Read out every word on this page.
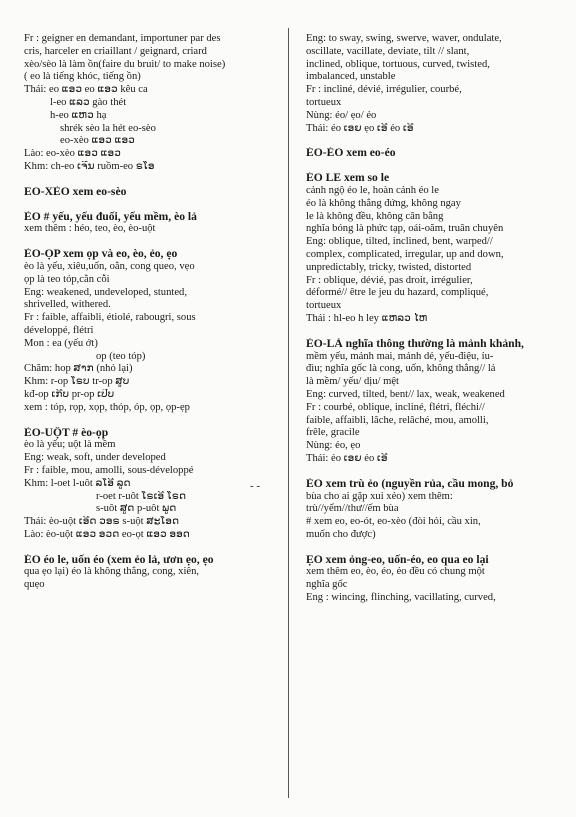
- -
Fr : geigner en demandant, importuner par des
cris, harceler en criaillant / geignard, criard
xèo/sèo là làm ồn(faire du bruit/ to make noise)
( eo là tiếng khóc, tiếng ồn)
Thái: eo ແອວ eo ແອວ kêu ca
l-eo ແລວ gào thét
h-eo ແຫວ hạ
shrék sèo la hét eo-sèo
eo-xèo ແອວ ແອວ
Lào: eo-xèo ແອວ ແອວ
Khm: ch-eo ເຈີນ ruồm-eo ຣໂອ
EO-XÈO xem eo-sèo
ÈO # yếu, yếu đuối, yếu mềm, èo lả
xem thêm : héo, teo, èo, èo-uột
ÈO-ỌP xem ọp và eo, èo, ẻo, ẹo
èo là yếu, xiêu,uốn, oằn, cong queo, vẹo
ọp là teo tóp,cằn cỗi
Eng: weakened, undeveloped, stunted,
shrivelled, withered.
Fr : faible, affaibli, étiolé, rabougri, sous
développé, flétri
Mon : ea (yếu ớt)
op (teo tóp)
Chăm: hop ສາກ (nhỏ lại)
Khm: r-op ໂຣບ tr-op ສູບ
kđ-op ເກີບ pr-op ເປີບ
xem : tóp, rọp, xọp, thóp, óp, ọp, ọp-ẹp
ÈO-UỘT # èo-ọp
èo là yếu; uột là mềm
Eng: weak, soft, under developed
Fr : faible, mou, amolli, sous-développé
Khm: l-oet l-uôt ລໂອີ ລູດ
r-oet r-uôt ໂຣເອີ ໂຣດ
s-uôt ສູດ p-uôt ພູດ
Thái: èo-uột ເອີດ ວອຣ s-uột ສະໂອດ
Lào: èo-uột ແອວ ອວດ eo-ọt ແອວ ອອດ
ÉO éo le, uốn éo (xem ẻo lả, ươn ẹo, ẹo
qua ẹo lại) éo là không thẳng, cong, xiên,
quẹo
Eng: to sway, swing, swerve, waver, ondulate,
oscillate, vacillate, deviate, tilt // slant,
inclined, oblique, tortuous, curved, twisted,
imbalanced, unstable
Fr : incliné, dévié, irrégulier, courbé,
tortueux
Nùng: éo/ ẹo/ ẻo
Thái: éo ເອຍ ẹo ເອີ ẻo ເອີ
ÉO-ÉO xem eo-éo
ÉO LE xem so le
cảnh ngộ éo le, hoàn cảnh éo le
éo là không thẳng đứng, không ngay
le là không đều, không cân bằng
nghĩa bóng là phức tạp, oái-oăm, truân chuyên
Eng: oblique, tilted, inclined, bent, warped//
complex, complicated, irregular, up and down,
unpredictably, tricky, twisted, distorted
Fr : oblique, dévié, pas droit, irrégulier,
déformé// être le jeu du hazard, compliqué,
tortueux
Thái : hl-eo h ley ແຫລວ ໄຫ
ẺO-LẢ nghĩa thông thường là mảnh khảnh,
mềm yếu, mảnh mai, mảnh dẻ, yếu-điệu, ỉu-
đìu; nghĩa gốc là cong, uốn, không thẳng// lả
là mềm/ yếu/ dịu/ mệt
Eng: curved, tilted, bent// lax, weak, weakened
Fr : courbé, oblique, incliné, flétri, fléchi//
faible, affaibli, lâche, relâché, mou, amolli,
frêle, gracile
Nùng: ẻo, ẹo
Thái: ẻo ເອຍ ẻo ເອີ
ẺO xem trù ẻo (nguyền rủa, cầu mong, bỏ
bùa cho ai gặp xui xẻo) xem thêm:
trù//yểm//thư//ếm bùa
# xem eo, eo-ót, eo-xèo (đòi hỏi, cầu xin,
muốn cho được)
ẸO xem ỏng-eo, uốn-éo, eo qua eo lại
xem thêm eo, èo, éo, ẻo đều có chung một
nghĩa gốc
Eng : wincing, flinching, vacillating, curved,
